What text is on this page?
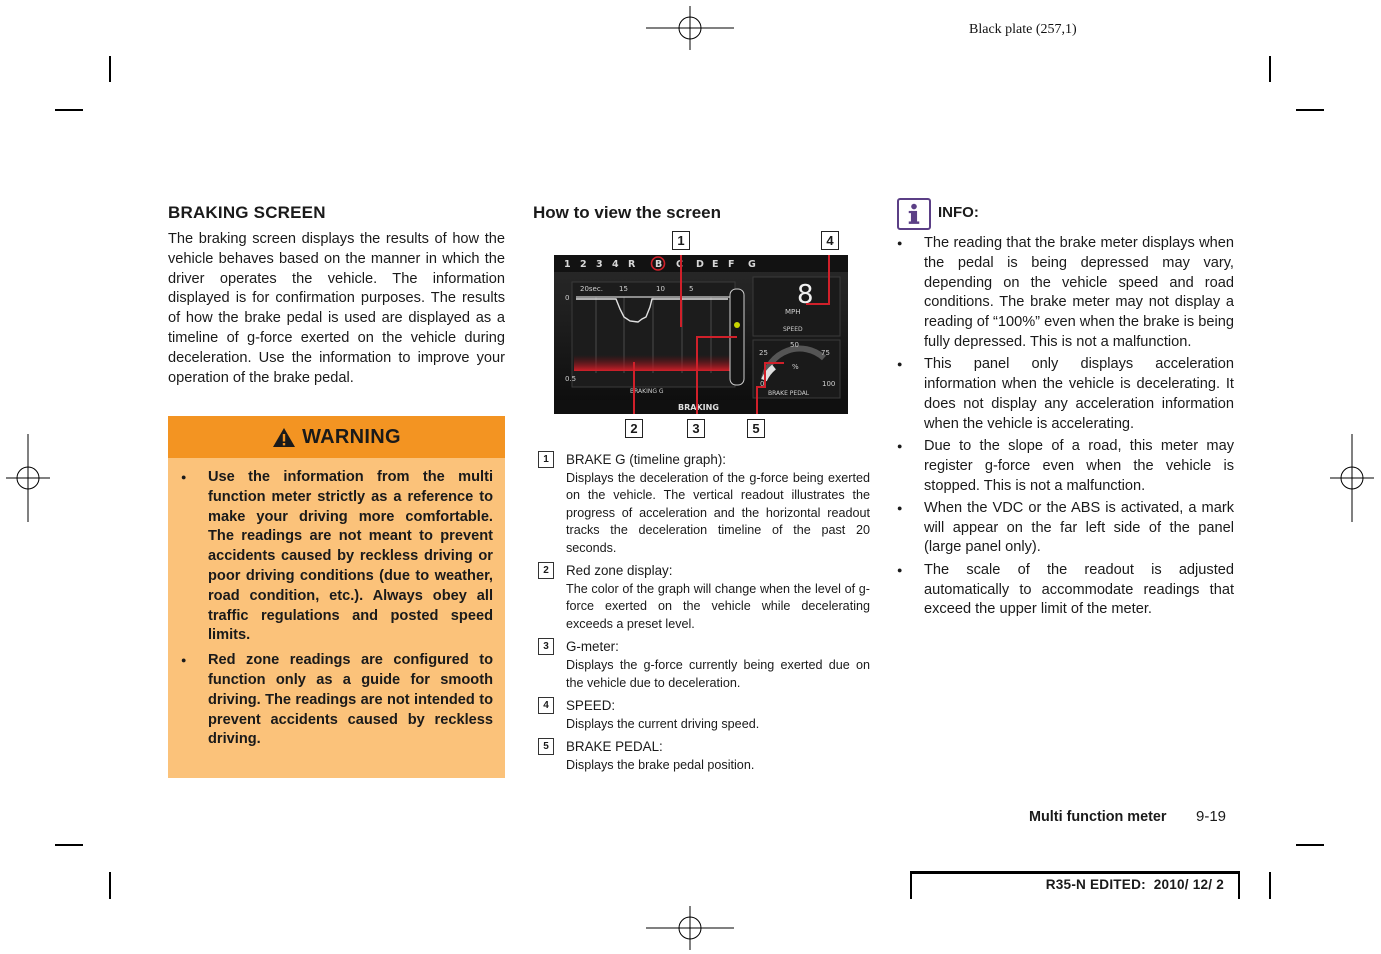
Black plate (257,1)
BRAKING SCREEN
The braking screen displays the results of how the vehicle behaves based on the manner in which the driver operates the vehicle. The information displayed is for confirmation purposes. The results of how the brake pedal is used are displayed as a timeline of g-force exerted on the vehicle during deceleration. Use the information to improve your operation of the brake pedal.
WARNING
● Use the information from the multi function meter strictly as a reference to make your driving more comfortable. The readings are not meant to prevent accidents caused by reckless driving or poor driving conditions (due to weather, road condition, etc.). Always obey all traffic regulations and posted speed limits.
● Red zone readings are configured to function only as a guide for smooth driving. The readings are not intended to prevent accidents caused by reckless driving.
How to view the screen
1	4
2	3	5
1 2 3 4 R B C D E F G
20sec. 15	10	5
0
0.5
BRAKING G
8
MPH
SPEED
25
50
75
%
0	100
BRAKE PEDAL
BRAKING
1	BRAKE G (timeline graph):
Displays the deceleration of the g-force being exerted on the vehicle. The vertical readout illustrates the progress of acceleration and the horizontal readout tracks the deceleration timeline of the past 20 seconds.
2	Red zone display:
The color of the graph will change when the level of g-force exerted on the vehicle while decelerating exceeds a preset level.
3	G-meter:
Displays the g-force currently being exerted due on the vehicle due to deceleration.
4	SPEED:
Displays the current driving speed.
5	BRAKE PEDAL:
Displays the brake pedal position.
INFO:
● The reading that the brake meter displays when the pedal is being depressed may vary, depending on the vehicle speed and road conditions. The brake meter may not display a reading of “100%” even when the brake is being fully depressed. This is not a malfunction.
● This panel only displays acceleration information when the vehicle is decelerating. It does not display any acceleration information when the vehicle is accelerating.
● Due to the slope of a road, this meter may register g-force even when the vehicle is stopped. This is not a malfunction.
● When the VDC or the ABS is activated, a mark will appear on the far left side of the panel (large panel only).
● The scale of the readout is adjusted automatically to accommodate readings that exceed the upper limit of the meter.
Multi function meter 9-19
R35-N EDITED:  2010/ 12/ 2
